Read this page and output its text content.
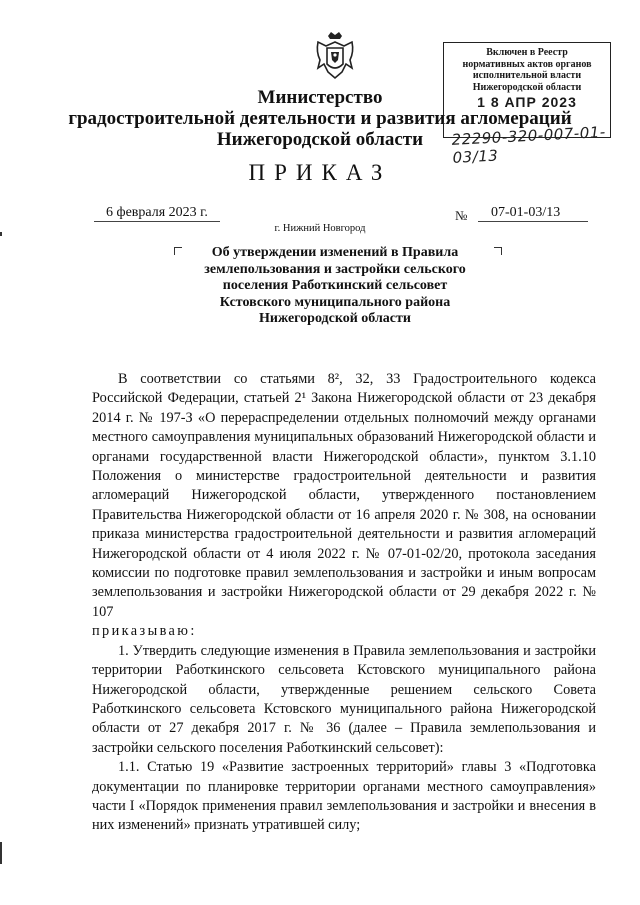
Министерство
градостроительной деятельности и развития агломераций
Нижегородской области
Включен в Реестр
нормативных актов органов
исполнительной власти
Нижегородской области
1 8 АПР 2023
22290-320-007-01-03/13
ПРИКАЗ
6 февраля 2023 г.	№ 07-01-03/13
г. Нижний Новгород
Об утверждении изменений в Правила
землепользования и застройки сельского
поселения Работкинский сельсовет
Кстовского муниципального района
Нижегородской области

В соответствии со статьями 8², 32, 33 Градостроительного кодекса Российской Федерации, статьей 2¹ Закона Нижегородской области от 23 декабря 2014 г. № 197-З «О перераспределении отдельных полномочий между органами местного самоуправления муниципальных образований Нижегородской области и органами государственной власти Нижегородской области», пунктом 3.1.10 Положения о министерстве градостроительной деятельности и развития агломераций Нижегородской области, утвержденного постановлением Правительства Нижегородской области от 16 апреля 2020 г. № 308, на основании приказа министерства градостроительной деятельности и развития агломераций Нижегородской области от 4 июля 2022 г. № 07-01-02/20, протокола заседания комиссии по подготовке правил землепользования и застройки и иным вопросам землепользования и застройки Нижегородской области от 29 декабря 2022 г. № 107

приказываю:

1. Утвердить следующие изменения в Правила землепользования и застройки территории Работкинского сельсовета Кстовского муниципального района Нижегородской области, утвержденные решением сельского Совета Работкинского сельсовета Кстовского муниципального района Нижегородской области от 27 декабря 2017 г. № 36 (далее – Правила землепользования и застройки сельского поселения Работкинский сельсовет):

1.1. Статью 19 «Развитие застроенных территорий» главы 3 «Подготовка документации по планировке территории органами местного самоуправления» части I «Порядок применения правил землепользования и застройки и внесения в них изменений» признать утратившей силу;
